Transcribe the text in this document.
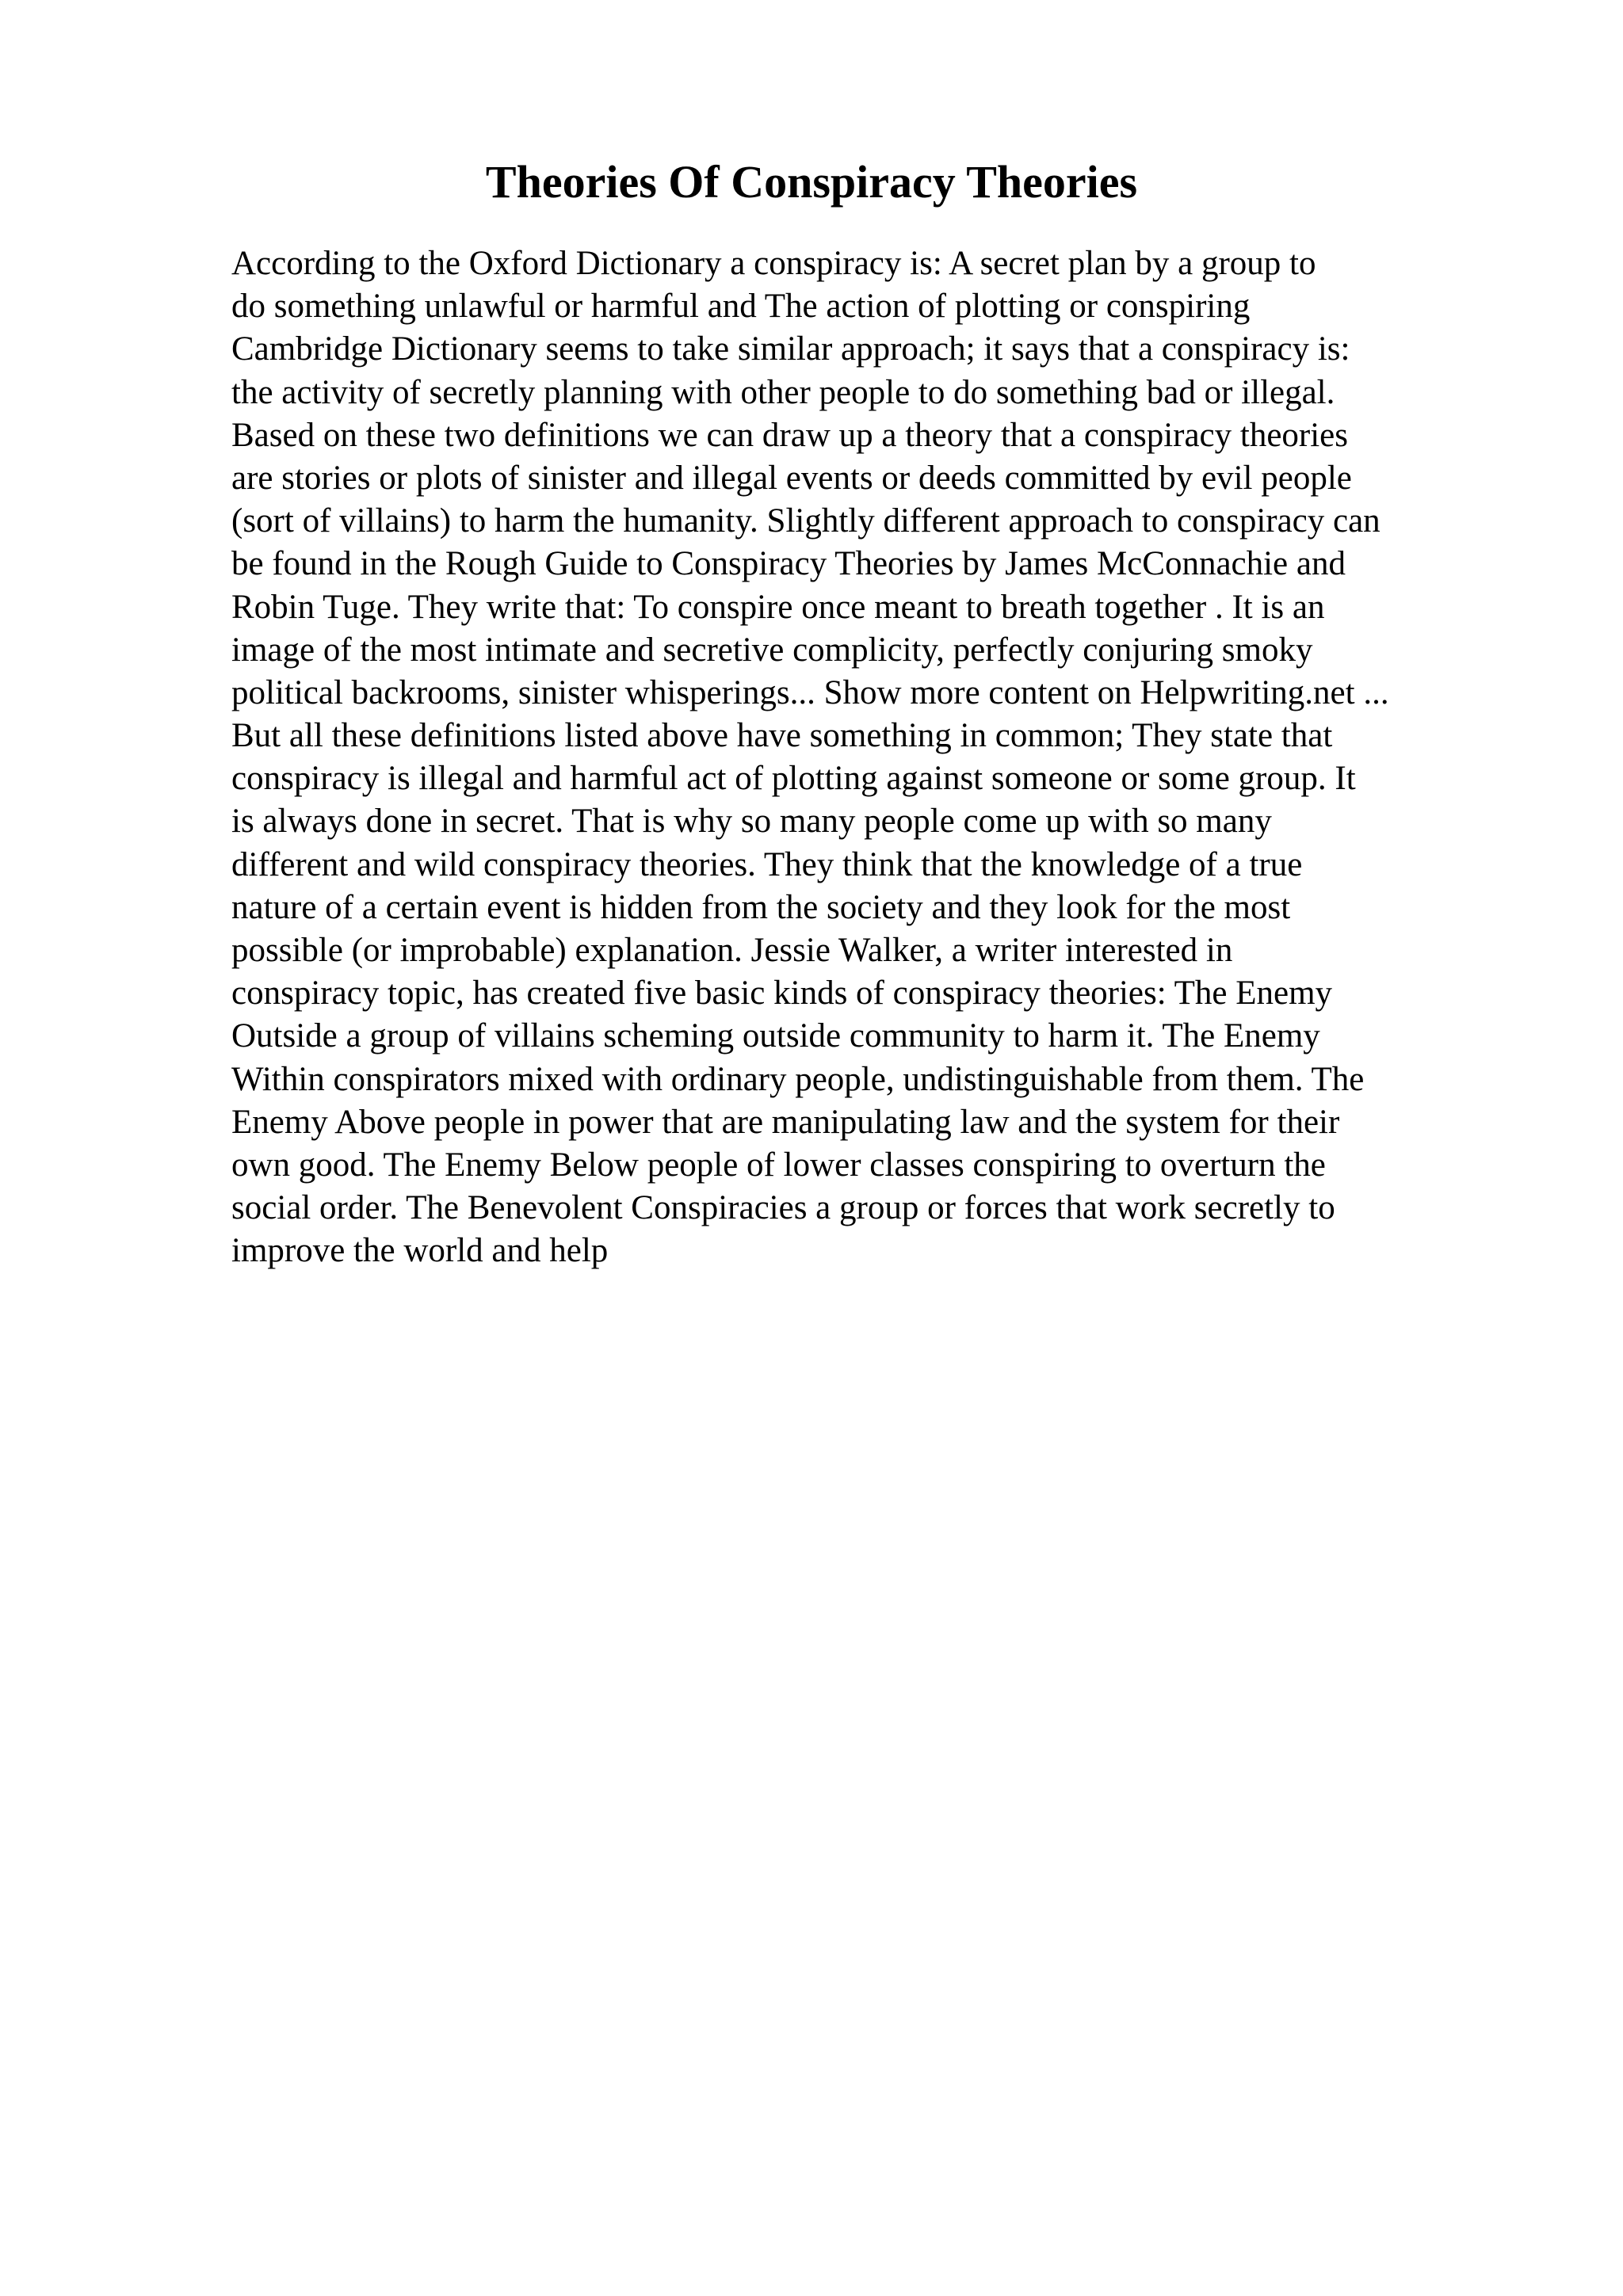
Theories Of Conspiracy Theories
According to the Oxford Dictionary a conspiracy is: A secret plan by a group to
do something unlawful or harmful and The action of plotting or conspiring
Cambridge Dictionary seems to take similar approach; it says that a conspiracy is:
the activity of secretly planning with other people to do something bad or illegal.
Based on these two definitions we can draw up a theory that a conspiracy theories
are stories or plots of sinister and illegal events or deeds committed by evil people
(sort of villains) to harm the humanity. Slightly different approach to conspiracy can
be found in the Rough Guide to Conspiracy Theories by James McConnachie and
Robin Tuge. They write that: To conspire once meant to breath together . It is an
image of the most intimate and secretive complicity, perfectly conjuring smoky
political backrooms, sinister whisperings... Show more content on Helpwriting.net ...
But all these definitions listed above have something in common; They state that
conspiracy is illegal and harmful act of plotting against someone or some group. It
is always done in secret. That is why so many people come up with so many
different and wild conspiracy theories. They think that the knowledge of a true
nature of a certain event is hidden from the society and they look for the most
possible (or improbable) explanation. Jessie Walker, a writer interested in
conspiracy topic, has created five basic kinds of conspiracy theories: The Enemy
Outside a group of villains scheming outside community to harm it. The Enemy
Within conspirators mixed with ordinary people, undistinguishable from them. The
Enemy Above people in power that are manipulating law and the system for their
own good. The Enemy Below people of lower classes conspiring to overturn the
social order. The Benevolent Conspiracies a group or forces that work secretly to
improve the world and help
